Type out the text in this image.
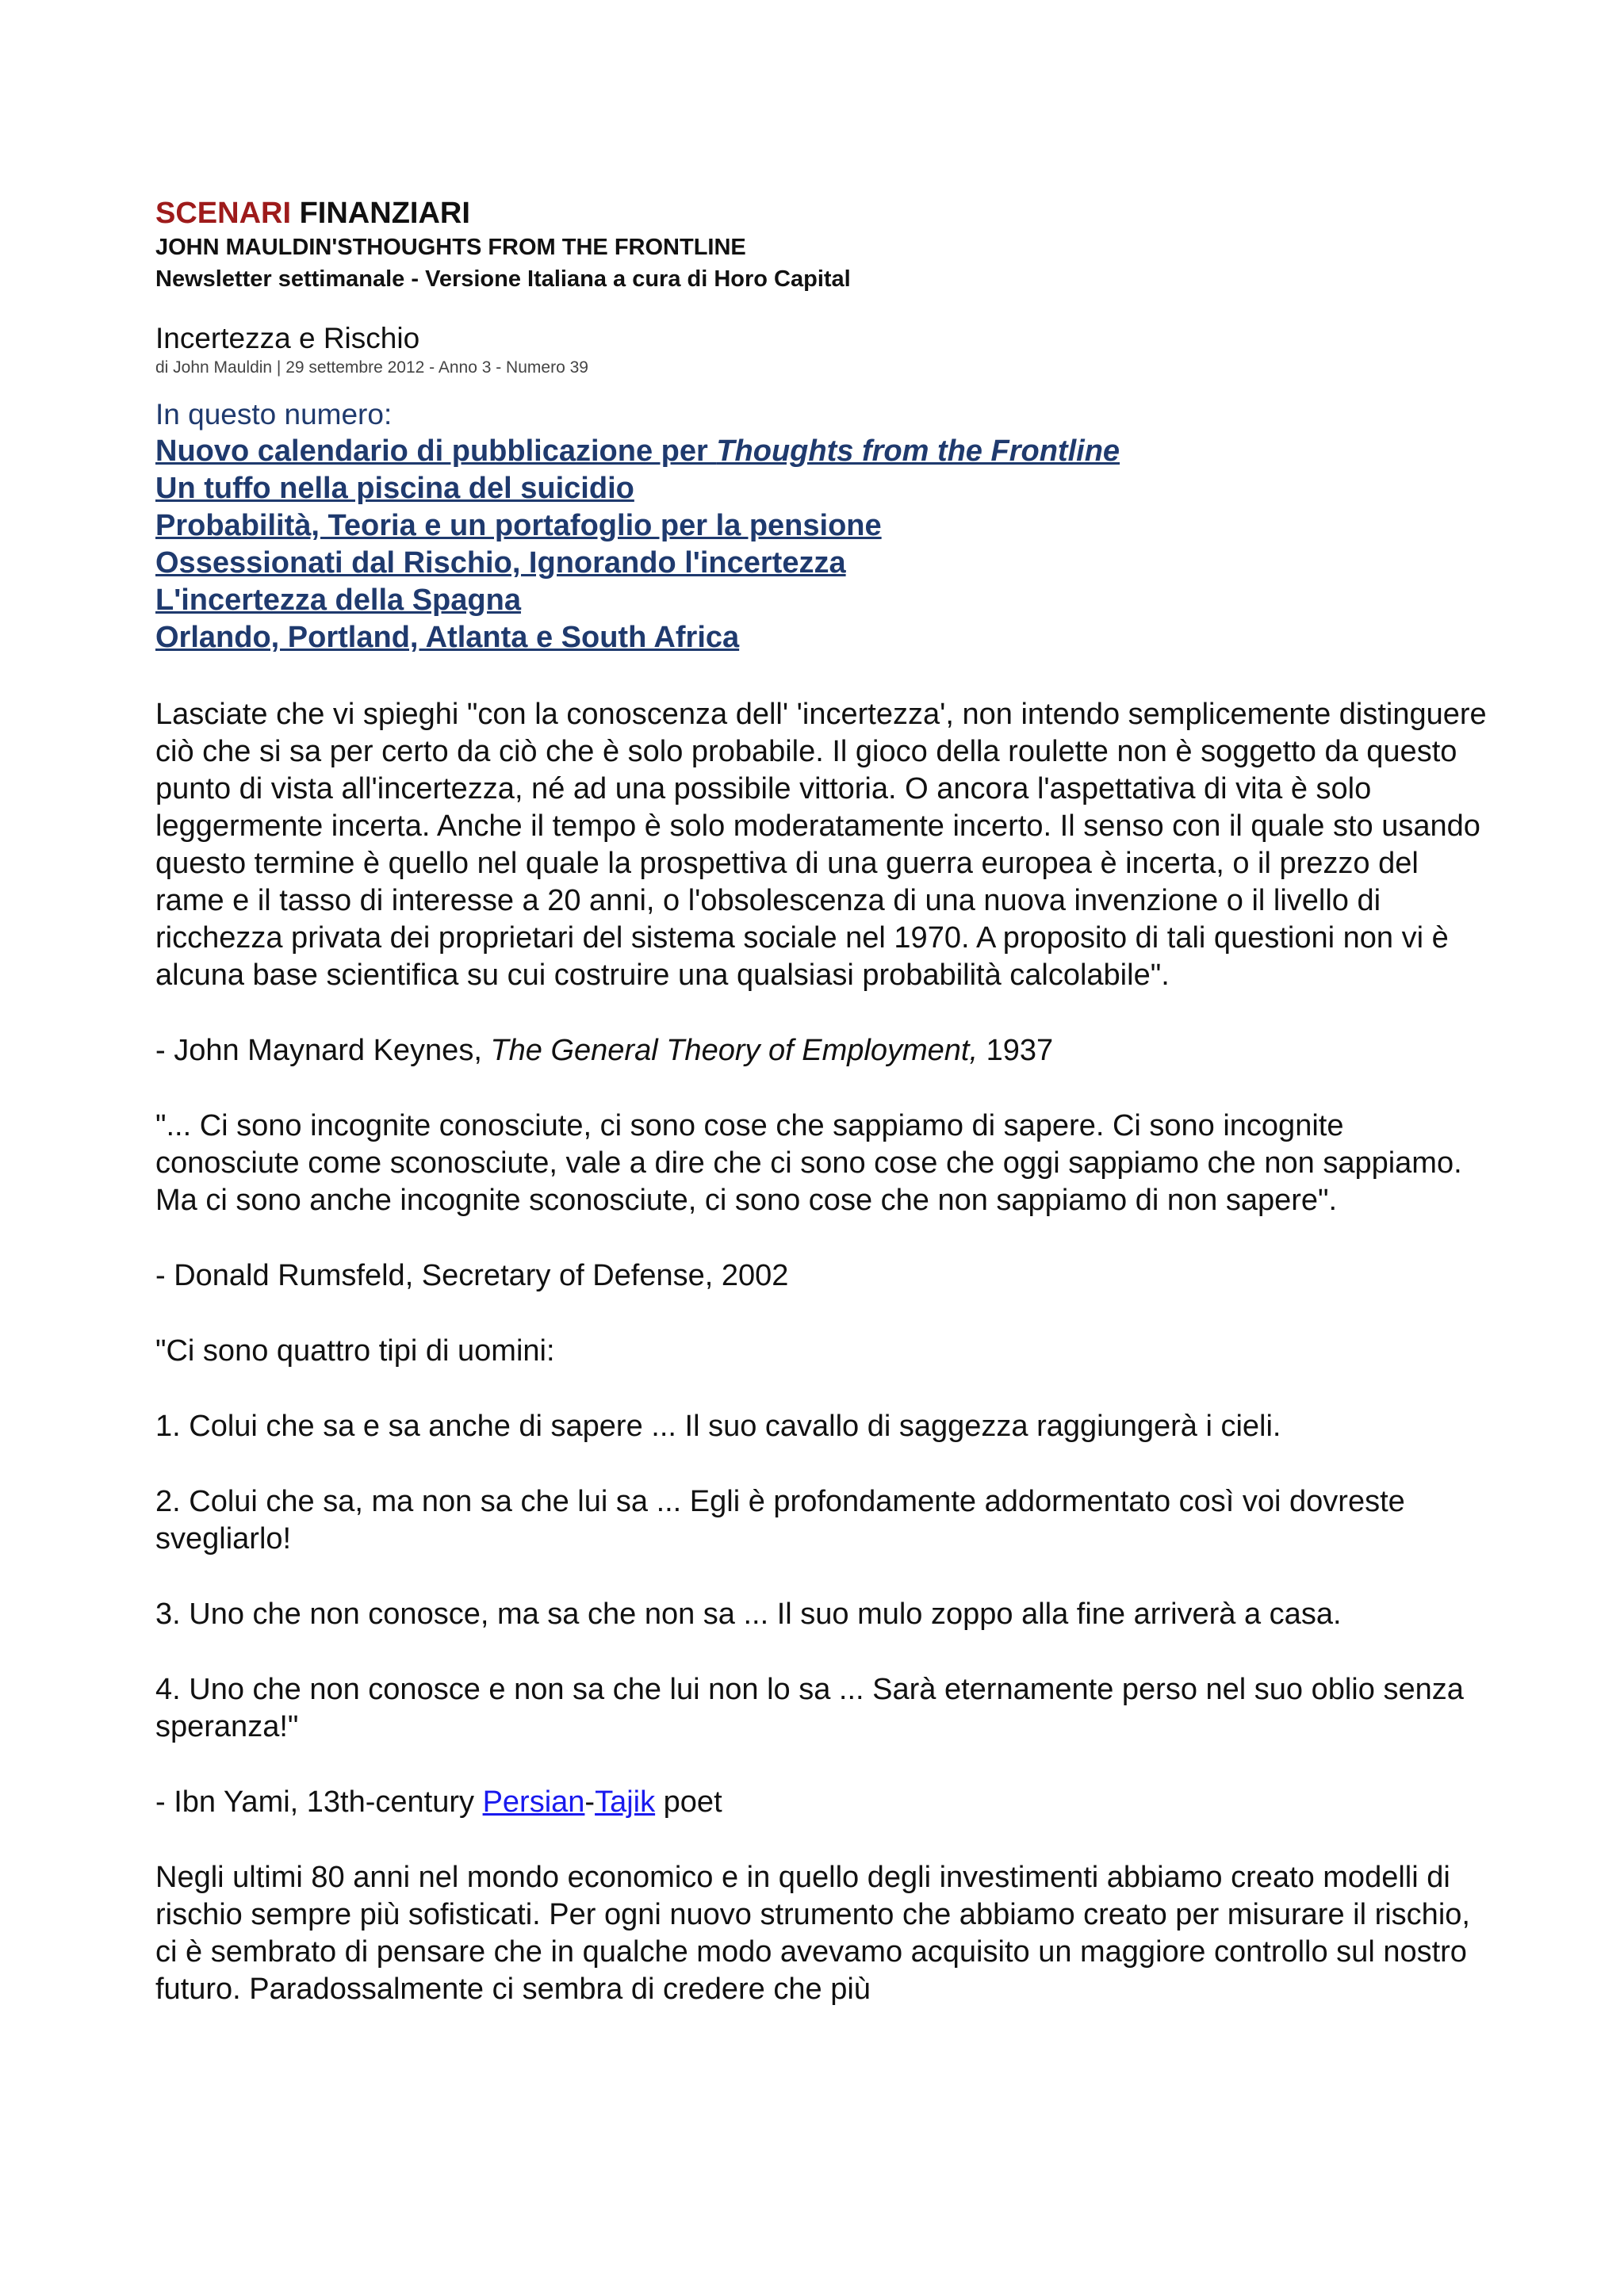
SCENARI FINANZIARI
JOHN MAULDIN'STHOUGHTS FROM THE FRONTLINE
Newsletter settimanale - Versione Italiana a cura di Horo Capital
Incertezza e Rischio
di John Mauldin | 29 settembre 2012 - Anno 3 - Numero 39
In questo numero:
Nuovo calendario di pubblicazione per Thoughts from the Frontline
Un tuffo nella piscina del suicidio
Probabilità, Teoria e un portafoglio per la pensione
Ossessionati dal Rischio, Ignorando l'incertezza
L'incertezza della Spagna
Orlando, Portland, Atlanta e South Africa

Lasciate che vi spieghi "con la conoscenza dell' 'incertezza', non intendo semplicemente distinguere ciò che si sa per certo da ciò che è solo probabile. Il gioco della roulette non è soggetto da questo punto di vista all'incertezza, né ad una possibile vittoria. O ancora l'aspettativa di vita è solo leggermente incerta. Anche il tempo è solo moderatamente incerto. Il senso con il quale sto usando questo termine è quello nel quale la prospettiva di una guerra europea è incerta, o il prezzo del rame e il tasso di interesse a 20 anni, o l'obsolescenza di una nuova invenzione o il livello di ricchezza privata dei proprietari del sistema sociale nel 1970. A proposito di tali questioni non vi è alcuna base scientifica su cui costruire una qualsiasi probabilità calcolabile".

- John Maynard Keynes, The General Theory of Employment, 1937

"... Ci sono incognite conosciute, ci sono cose che sappiamo di sapere. Ci sono incognite conosciute come sconosciute, vale a dire che ci sono cose che oggi sappiamo che non sappiamo. Ma ci sono anche incognite sconosciute, ci sono cose che non sappiamo di non sapere".

- Donald Rumsfeld, Secretary of Defense, 2002

"Ci sono quattro tipi di uomini:

1. Colui che sa e sa anche di sapere ... Il suo cavallo di saggezza raggiungerà i cieli.

2. Colui che sa, ma non sa che lui sa ... Egli è profondamente addormentato così voi dovreste svegliarlo!

3. Uno che non conosce, ma sa che non sa ... Il suo mulo zoppo alla fine arriverà a casa.

4. Uno che non conosce e non sa che lui non lo sa ... Sarà eternamente perso nel suo oblio senza speranza!"

- Ibn Yami, 13th-century Persian-Tajik poet

Negli ultimi 80 anni nel mondo economico e in quello degli investimenti abbiamo creato modelli di rischio sempre più sofisticati. Per ogni nuovo strumento che abbiamo creato per misurare il rischio, ci è sembrato di pensare che in qualche modo avevamo acquisito un maggiore controllo sul nostro futuro. Paradossalmente ci sembra di credere che più
